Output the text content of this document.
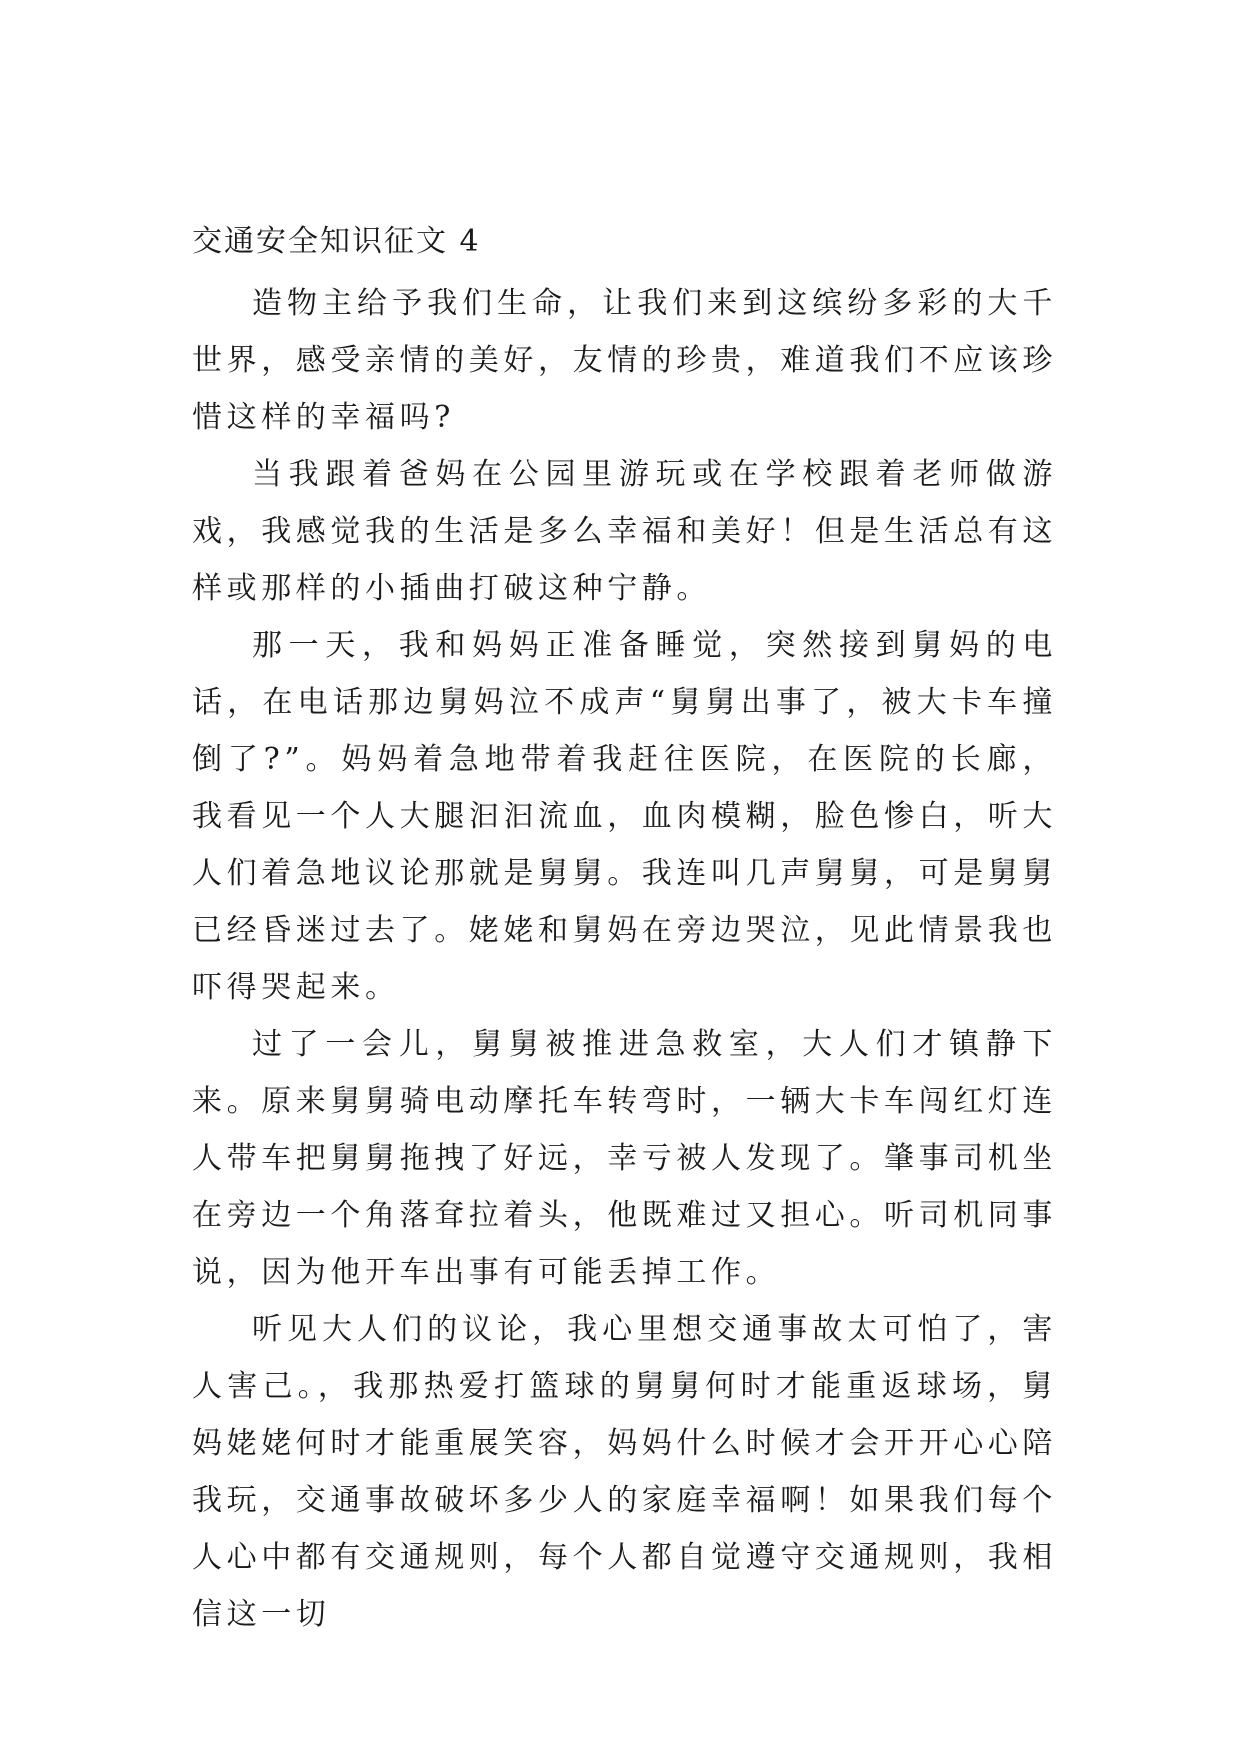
交通安全知识征文 4

造物主给予我们生命，让我们来到这缤纷多彩的大千世界，感受亲情的美好，友情的珍贵，难道我们不应该珍惜这样的幸福吗?

当我跟着爸妈在公园里游玩或在学校跟着老师做游戏，我感觉我的生活是多么幸福和美好！但是生活总有这样或那样的小插曲打破这种宁静。

那一天，我和妈妈正准备睡觉，突然接到舅妈的电话，在电话那边舅妈泣不成声“舅舅出事了，被大卡车撞倒了?”。妈妈着急地带着我赶往医院，在医院的长廊，我看见一个人大腿汩汩流血，血肉模糊，脸色惨白，听大人们着急地议论那就是舅舅。我连叫几声舅舅，可是舅舅已经昏迷过去了。姥姥和舅妈在旁边哭泣，见此情景我也吓得哭起来。

过了一会儿，舅舅被推进急救室，大人们才镇静下来。原来舅舅骑电动摩托车转弯时，一辆大卡车闯红灯连人带车把舅舅拖拽了好远，幸亏被人发现了。肇事司机坐在旁边一个角落耷拉着头，他既难过又担心。听司机同事说，因为他开车出事有可能丢掉工作。

听见大人们的议论，我心里想交通事故太可怕了，害人害己。，我那热爱打篮球的舅舅何时才能重返球场，舅妈姥姥何时才能重展笑容，妈妈什么时候才会开开心心陪我玩，交通事故破坏多少人的家庭幸福啊！如果我们每个人心中都有交通规则，每个人都自觉遵守交通规则，我相信这一切
